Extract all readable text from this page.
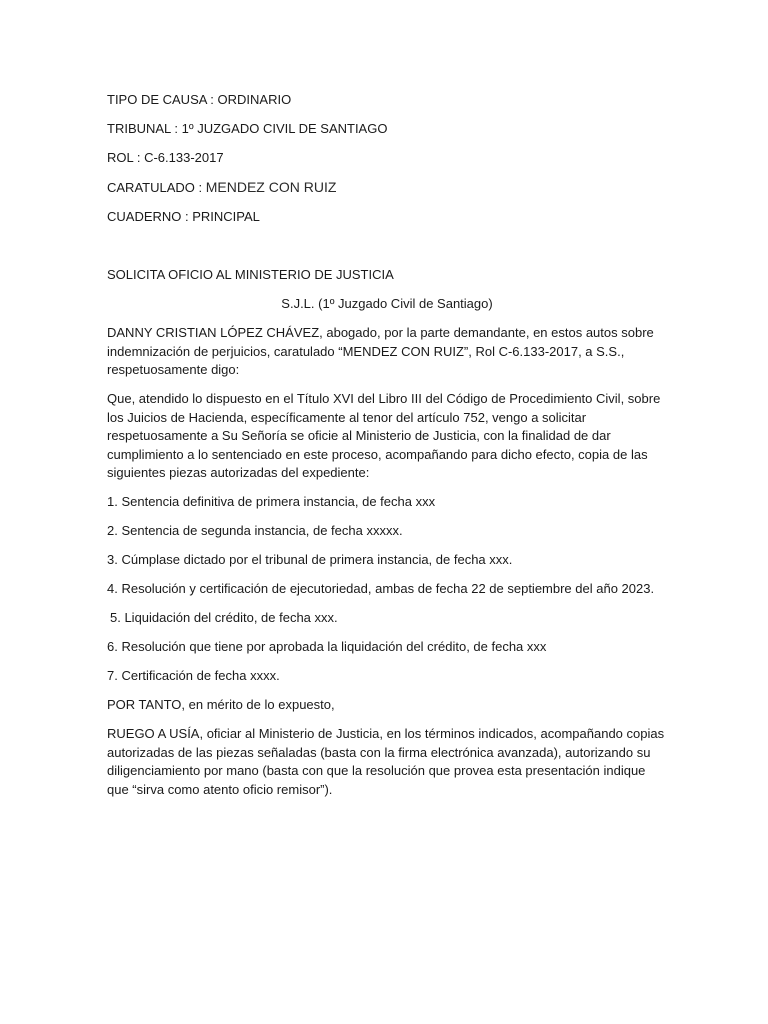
TIPO DE CAUSA : ORDINARIO

TRIBUNAL : 1º JUZGADO CIVIL DE SANTIAGO

ROL : C-6.133-2017

CARATULADO : MENDEZ CON RUIZ

CUADERNO : PRINCIPAL

SOLICITA OFICIO AL MINISTERIO DE JUSTICIA

S.J.L. (1º Juzgado Civil de Santiago)

DANNY CRISTIAN LÓPEZ CHÁVEZ, abogado, por la parte demandante, en estos autos sobre indemnización de perjuicios, caratulado “MENDEZ CON RUIZ”, Rol C-6.133-2017, a S.S., respetuosamente digo:

Que, atendido lo dispuesto en el Título XVI del Libro III del Código de Procedimiento Civil, sobre los Juicios de Hacienda, específicamente al tenor del artículo 752, vengo a solicitar respetuosamente a Su Señoría se oficie al Ministerio de Justicia, con la finalidad de dar cumplimiento a lo sentenciado en este proceso, acompañando para dicho efecto, copia de las siguientes piezas autorizadas del expediente:

1. Sentencia definitiva de primera instancia, de fecha xxx

2. Sentencia de segunda instancia, de fecha xxxxx.

3. Cúmplase dictado por el tribunal de primera instancia, de fecha xxx.

4. Resolución y certificación de ejecutoriedad, ambas de fecha 22 de septiembre del año 2023.

5. Liquidación del crédito, de fecha xxx.

6. Resolución que tiene por aprobada la liquidación del crédito, de fecha xxx

7. Certificación de fecha xxxx.

POR TANTO, en mérito de lo expuesto,

RUEGO A USÍA, oficiar al Ministerio de Justicia, en los términos indicados, acompañando copias autorizadas de las piezas señaladas (basta con la firma electrónica avanzada), autorizando su diligenciamiento por mano (basta con que la resolución que provea esta presentación indique que “sirva como atento oficio remisor”).
